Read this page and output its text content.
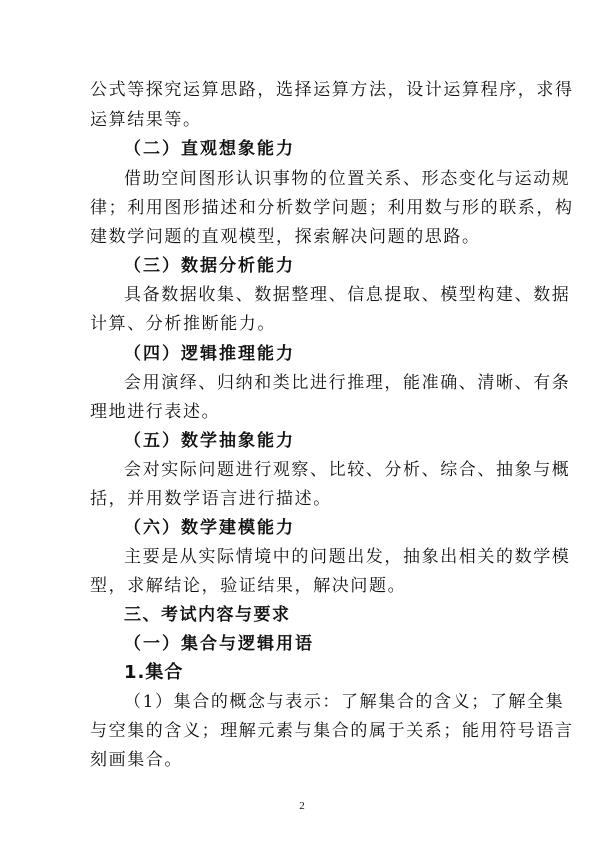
公式等探究运算思路，选择运算方法，设计运算程序，求得
运算结果等。
（二）直观想象能力
借助空间图形认识事物的位置关系、形态变化与运动规
律；利用图形描述和分析数学问题；利用数与形的联系，构
建数学问题的直观模型，探索解决问题的思路。
（三）数据分析能力
具备数据收集、数据整理、信息提取、模型构建、数据
计算、分析推断能力。
（四）逻辑推理能力
会用演绎、归纳和类比进行推理，能准确、清晰、有条
理地进行表述。
（五）数学抽象能力
会对实际问题进行观察、比较、分析、综合、抽象与概
括，并用数学语言进行描述。
（六）数学建模能力
主要是从实际情境中的问题出发，抽象出相关的数学模
型，求解结论，验证结果，解决问题。
三、考试内容与要求
（一）集合与逻辑用语
1.集合
（1）集合的概念与表示：了解集合的含义；了解全集
与空集的含义；理解元素与集合的属于关系；能用符号语言
刻画集合。
2
